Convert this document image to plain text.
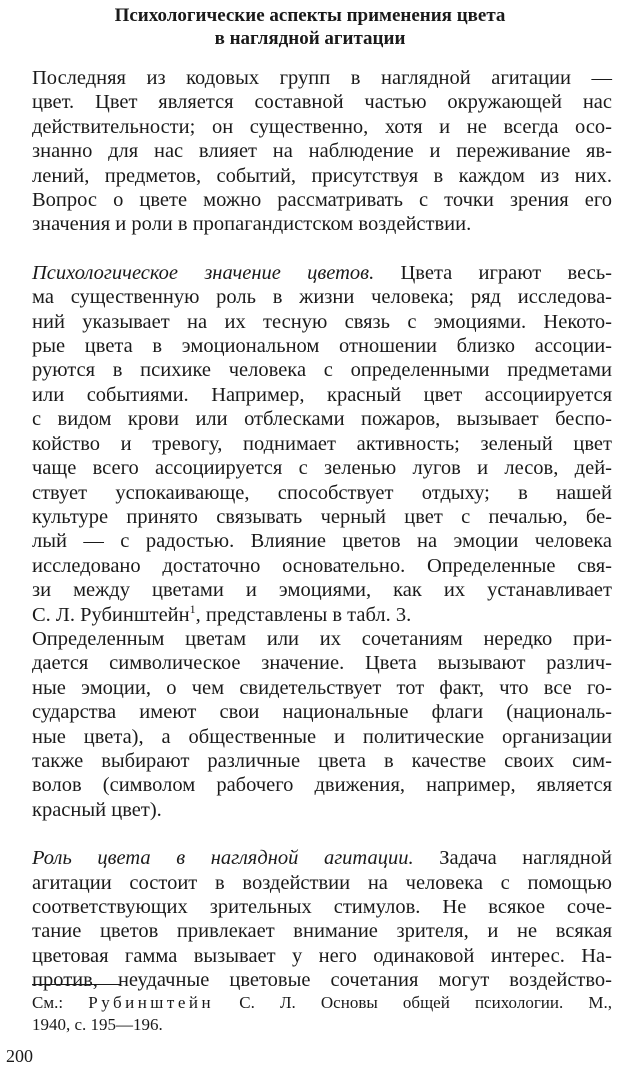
Психологические аспекты применения цвета
в наглядной агитации
Последняя из кодовых групп в наглядной агитации —
цвет. Цвет является составной частью окружающей нас
действительности; он существенно, хотя и не всегда осо-
знанно для нас влияет на наблюдение и переживание яв-
лений, предметов, событий, присутствуя в каждом из них.
Вопрос о цвете можно рассматривать с точки зрения его
значения и роли в пропагандистском воздействии.
Психологическое значение цветов. Цвета играют весь-
ма существенную роль в жизни человека; ряд исследова-
ний указывает на их тесную связь с эмоциями. Некото-
рые цвета в эмоциональном отношении близко ассоции-
руются в психике человека с определенными предметами
или событиями. Например, красный цвет ассоциируется
с видом крови или отблесками пожаров, вызывает беспо-
койство и тревогу, поднимает активность; зеленый цвет
чаще всего ассоциируется с зеленью лугов и лесов, дей-
ствует успокаивающе, способствует отдыху; в нашей
культуре принято связывать черный цвет с печалью, бе-
лый — с радостью. Влияние цветов на эмоции человека
исследовано достаточно основательно. Определенные свя-
зи между цветами и эмоциями, как их устанавливает
С. Л. Рубинштейн$^1$, представлены в табл. 3.
Определенным цветам или их сочетаниям нередко при-
дается символическое значение. Цвета вызывают различ-
ные эмоции, о чем свидетельствует тот факт, что все го-
сударства имеют свои национальные флаги (националь-
ные цвета), а общественные и политические организации
также выбирают различные цвета в качестве своих сим-
волов (символом рабочего движения, например, является
красный цвет).
Роль цвета в наглядной агитации. Задача наглядной
агитации состоит в воздействии на человека с помощью
соответствующих зрительных стимулов. Не всякое соче-
тание цветов привлекает внимание зрителя, и не всякая
цветовая гамма вызывает у него одинаковой интерес. На-
против, неудачные цветовые сочетания могут воздейство-
См.: Рубинштейн С. Л. Основы общей психологии. М.,
1940, с. 195—196.
200
